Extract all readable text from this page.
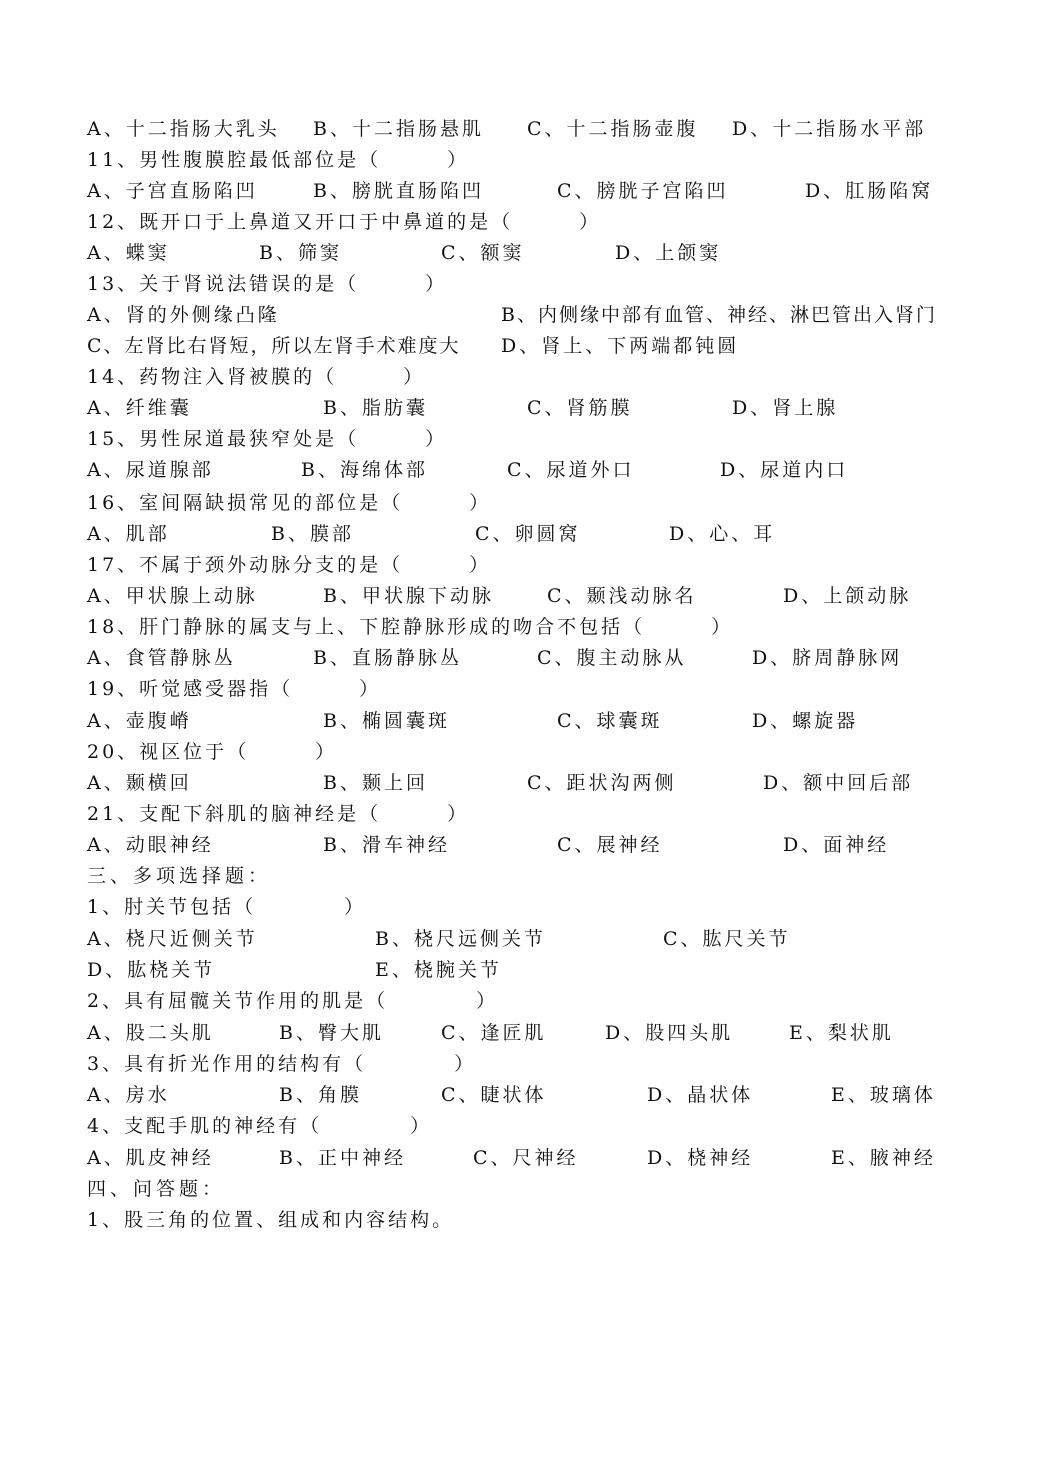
A、十二指肠大乳头 B、十二指肠悬肌 C、十二指肠壶腹 D、十二指肠水平部
11、男性腹膜腔最低部位是（　　　）
A、子宫直肠陷凹	B、膀胱直肠陷凹	C、膀胱子宫陷凹	D、肛肠陷窝
12、既开口于上鼻道又开口于中鼻道的是（　　　）
A、蝶窦	B、筛窦	C、额窦	D、上颌窦
13、关于肾说法错误的是（　　　）
A、肾的外侧缘凸隆	B、内侧缘中部有血管、神经、淋巴管出入肾门
C、左肾比右肾短，所以左肾手术难度大 D、肾上、下两端都钝圆
14、药物注入肾被膜的（　　　）
A、纤维囊	B、脂肪囊	C、肾筋膜	D、肾上腺
15、男性尿道最狭窄处是（　　　）
A、尿道腺部	B、海绵体部	C、尿道外口	D、尿道内口
16、室间隔缺损常见的部位是（　　　）
A、肌部	B、膜部	C、卵圆窝	D、心、耳
17、不属于颈外动脉分支的是（　　　）
A、甲状腺上动脉	B、甲状腺下动脉	C、颞浅动脉名	D、上颌动脉
18、肝门静脉的属支与上、下腔静脉形成的吻合不包括（　　　）
A、食管静脉丛	B、直肠静脉丛	C、腹主动脉从	D、脐周静脉网
19、听觉感受器指（　　　）
A、壶腹嵴	B、椭圆囊斑	C、球囊斑	D、螺旋器
20、视区位于（　　　）
A、颞横回	B、颞上回	C、距状沟两侧	D、额中回后部
21、支配下斜肌的脑神经是（　　　）
A、动眼神经	B、滑车神经	C、展神经	D、面神经
三、多项选择题：
1、肘关节包括（　　　　）
A、桡尺近侧关节	B、桡尺远侧关节	C、肱尺关节
D、肱桡关节	E、桡腕关节
2、具有屈髋关节作用的肌是（　　　　）
A、股二头肌	B、臀大肌	C、逢匠肌	D、股四头肌	E、梨状肌
3、具有折光作用的结构有（　　　　）
A、房水	B、角膜	C、睫状体	D、晶状体	E、玻璃体
4、支配手肌的神经有（　　　　）
A、肌皮神经	B、正中神经	C、尺神经	D、桡神经	E、腋神经
四、问答题：
1、股三角的位置、组成和内容结构。
